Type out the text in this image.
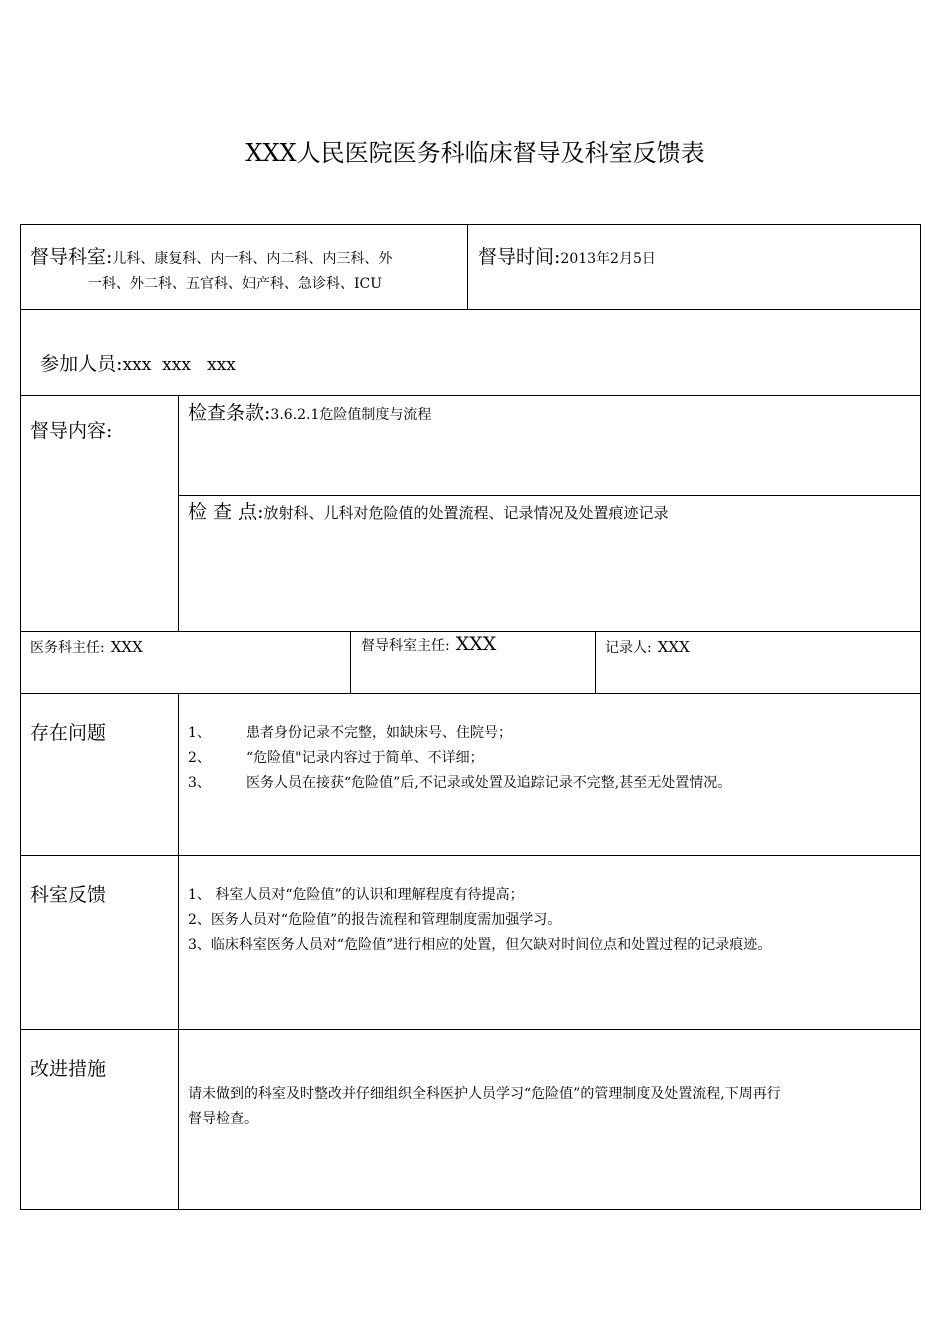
XXX人民医院医务科临床督导及科室反馈表
督导科室:儿科、康复科、内一科、内二科、内三科、外
一科、外二科、五官科、妇产科、急诊科、ICU
督导时间:2013年2月5日

参加人员:xxx  xxx   xxx

督导内容:
检查条款:3.6.2.1危险值制度与流程
检 查 点:放射科、儿科对危险值的处置流程、记录情况及处置痕迹记录
医务科主任: XXX	督导科室主任: XXX	记录人: XXX
存在问题	1、	患者身份记录不完整，如缺床号、住院号；
2、	“危险值"记录内容过于简单、不详细；
3、	医务人员在接获“危险值”后,不记录或处置及追踪记录不完整,甚至无处置情况。
科室反馈	1、 科室人员对“危险值”的认识和理解程度有待提高；
2、医务人员对“危险值”的报告流程和管理制度需加强学习。
3、临床科室医务人员对“危险值”进行相应的处置，但欠缺对时间位点和处置过程的记录痕迹。
改进措施
请未做到的科室及时整改并仔细组织全科医护人员学习“危险值”的管理制度及处置流程,下周再行
督导检查。
